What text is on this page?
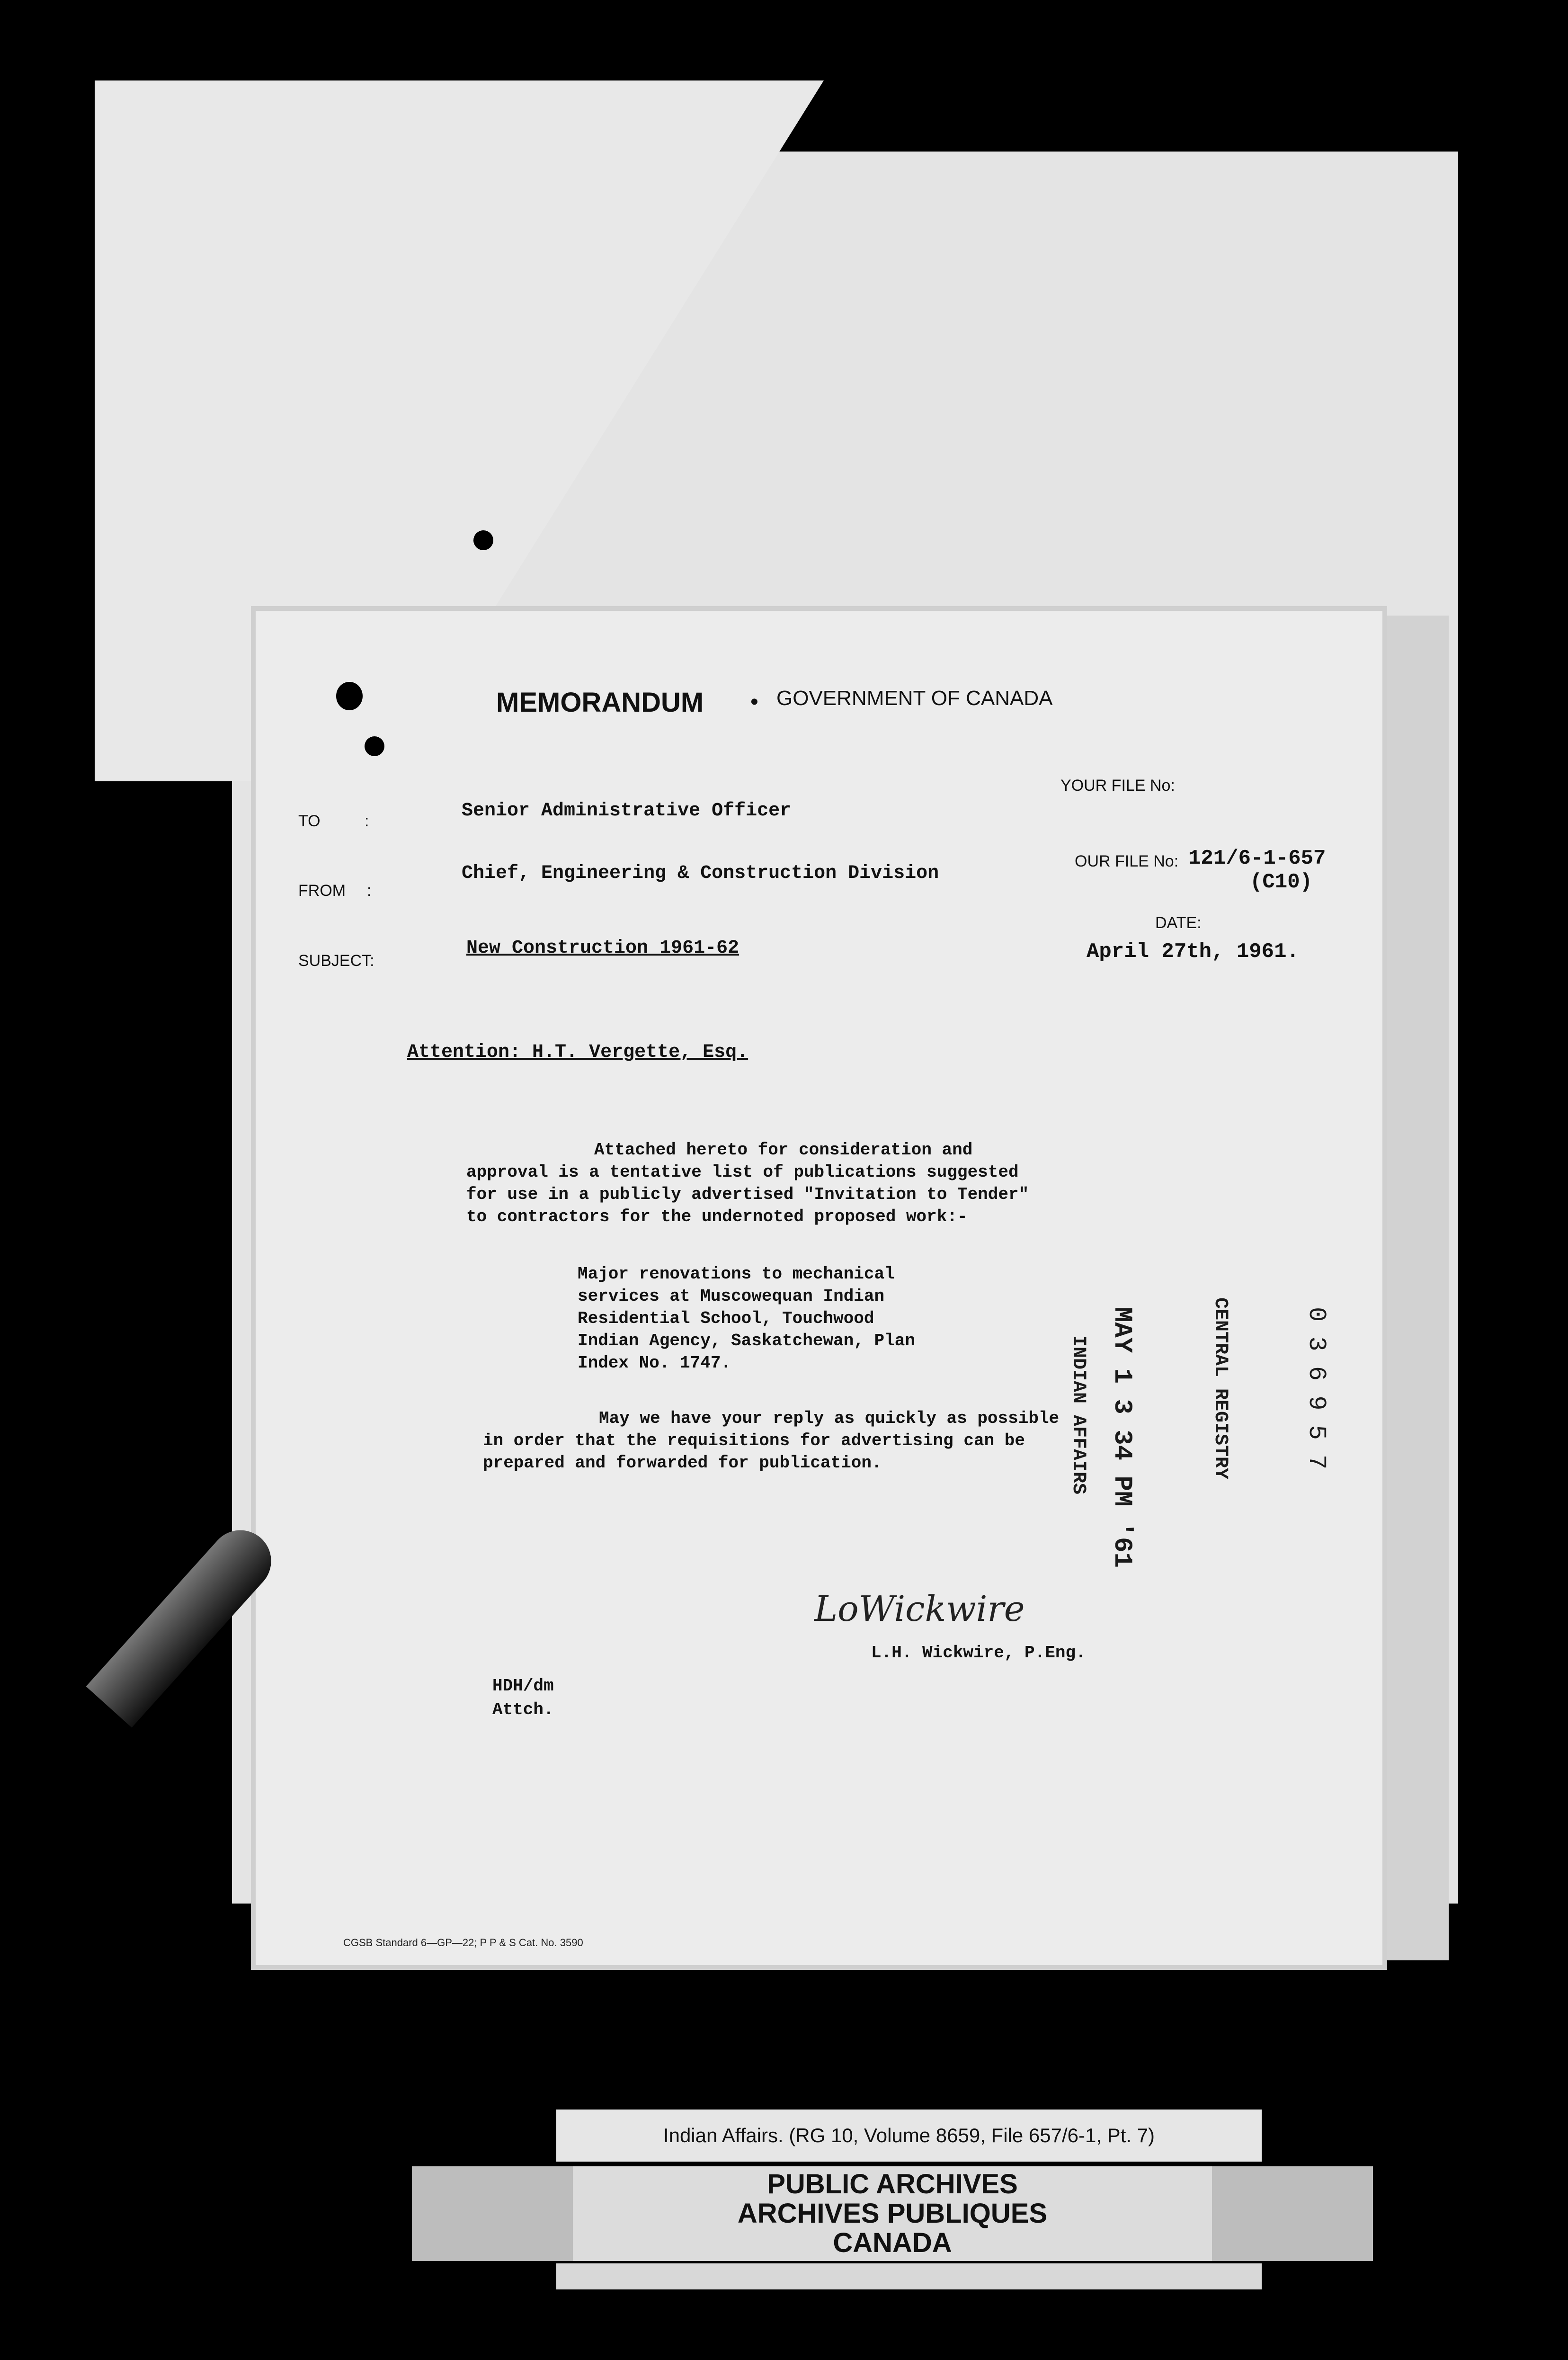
MEMORANDUM • GOVERNMENT OF CANADA
YOUR FILE No:
OUR FILE No: 121/6-1-657
(C10)
DATE:
April 27th, 1961.
TO	:	Senior Administrative Officer
FROM :
Chief, Engineering & Construction Division
SUBJECT:
New Construction 1961-62
Attention: H.T. Vergette, Esq.

Attached hereto for consideration and
approval is a tentative list of publications suggested
for use in a publicly advertised "Invitation to Tender"
to contractors for the undernoted proposed work:-
Major renovations to mechanical
services at Muscowequan Indian
Residential School, Touchwood
Indian Agency, Saskatchewan, Plan
Index No. 1747.
May we have your reply as quickly as possible
in order that the requisitions for advertising can be
prepared and forwarded for publication.
LoWickwire
L.H. Wickwire, P.Eng.
HDH/dm
Attch.
CGSB Standard 6—GP—22; P P & S Cat. No. 3590
CENTRAL REGISTRY
MAY 1 3 34 PM '61
INDIAN AFFAIRS	0 3 6 9 5 7
Indian Affairs. (RG 10, Volume 8659, File 657/6-1, Pt. 7)
PUBLIC ARCHIVES
ARCHIVES PUBLIQUES
CANADA
